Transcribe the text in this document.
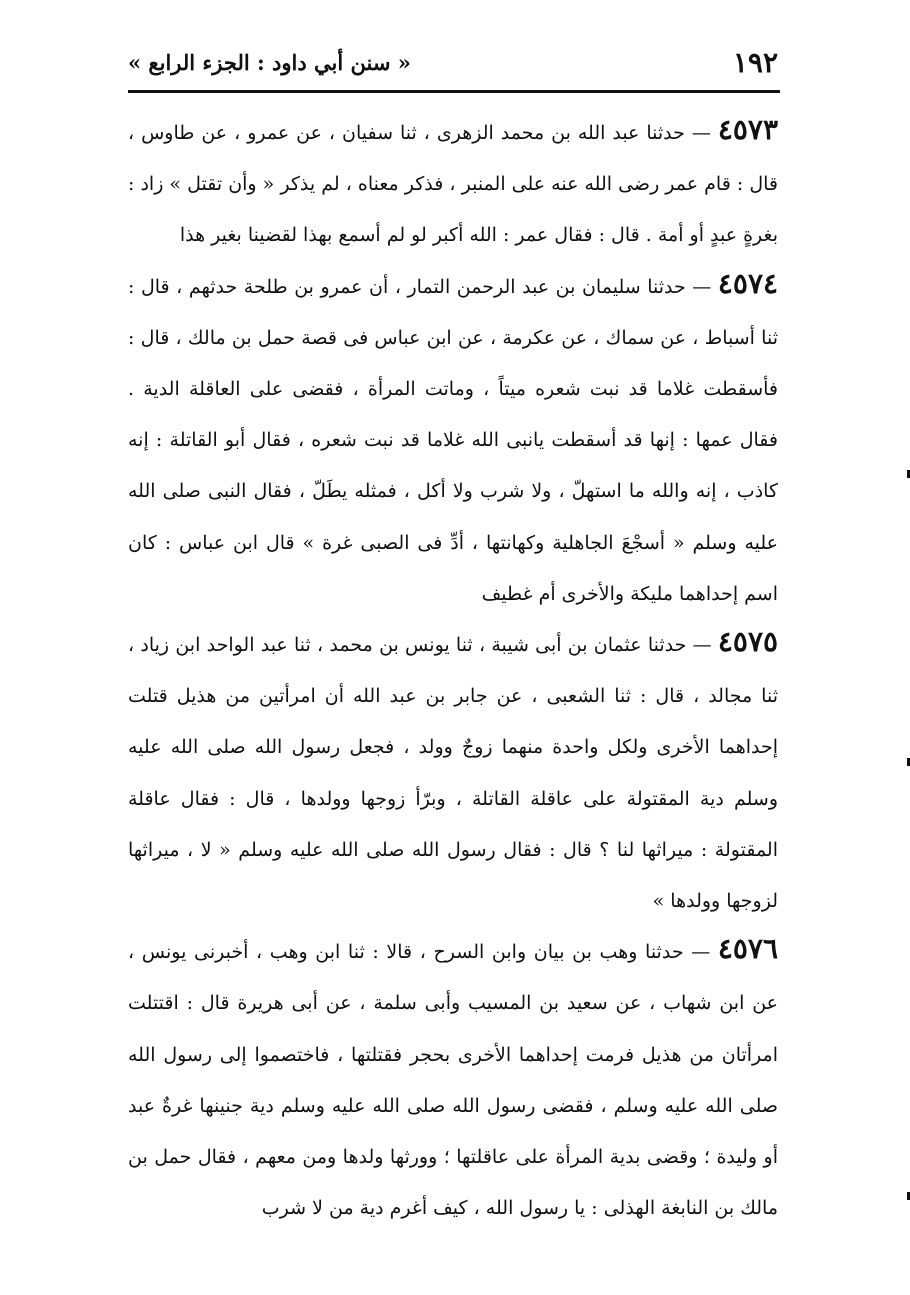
١٩٢
« سنن أبي داود : الجزء الرابع »

٤٥٧٣ — حدثنا عبد الله بن محمد الزهرى ، ثنا سفيان ، عن عمرو ، عن طاوس ، قال : قام عمر رضى الله عنه على المنبر ، فذكر معناه ، لم يذكر « وأن تقتل » زاد : بغرةٍ عبدٍ أو أمة . قال : فقال عمر : الله أكبر لو لم أسمع بهذا لقضينا بغير هذا

٤٥٧٤ — حدثنا سليمان بن عبد الرحمن التمار ، أن عمرو بن طلحة حدثهم ، قال : ثنا أسباط ، عن سماك ، عن عكرمة ، عن ابن عباس فى قصة حمل بن مالك ، قال : فأسقطت غلاما قد نبت شعره ميتاً ، وماتت المرأة ، فقضى على العاقلة الدية . فقال عمها : إنها قد أسقطت يانبى الله غلاما قد نبت شعره ، فقال أبو القاتلة : إنه كاذب ، إنه والله ما استهلّ ، ولا شرب ولا أكل ، فمثله يطَلّ ، فقال النبى صلى الله عليه وسلم « أسجْعَ الجاهلية وكهانتها ، أدِّ فى الصبى غرة » قال ابن عباس : كان اسم إحداهما مليكة والأخرى أم غطيف

٤٥٧٥ — حدثنا عثمان بن أبى شيبة ، ثنا يونس بن محمد ، ثنا عبد الواحد ابن زياد ، ثنا مجالد ، قال : ثنا الشعبى ، عن جابر بن عبد الله أن امرأتين من هذيل قتلت إحداهما الأخرى ولكل واحدة منهما زوجٌ وولد ، فجعل رسول الله صلى الله عليه وسلم دية المقتولة على عاقلة القاتلة ، وبرّأ زوجها وولدها ، قال : فقال عاقلة المقتولة : ميراثها لنا ؟ قال : فقال رسول الله صلى الله عليه وسلم « لا ، ميراثها لزوجها وولدها »

٤٥٧٦ — حدثنا وهب بن بيان وابن السرح ، قالا : ثنا ابن وهب ، أخبرنى يونس ، عن ابن شهاب ، عن سعيد بن المسيب وأبى سلمة ، عن أبى هريرة قال : اقتتلت امرأتان من هذيل فرمت إحداهما الأخرى بحجر فقتلتها ، فاختصموا إلى رسول الله صلى الله عليه وسلم ، فقضى رسول الله صلى الله عليه وسلم دية جنينها غرةٌ عبد أو وليدة ؛ وقضى بدية المرأة على عاقلتها ؛ وورثها ولدها ومن معهم ، فقال حمل بن مالك بن النابغة الهذلى : يا رسول الله ، كيف أغرم دية من لا شرب
